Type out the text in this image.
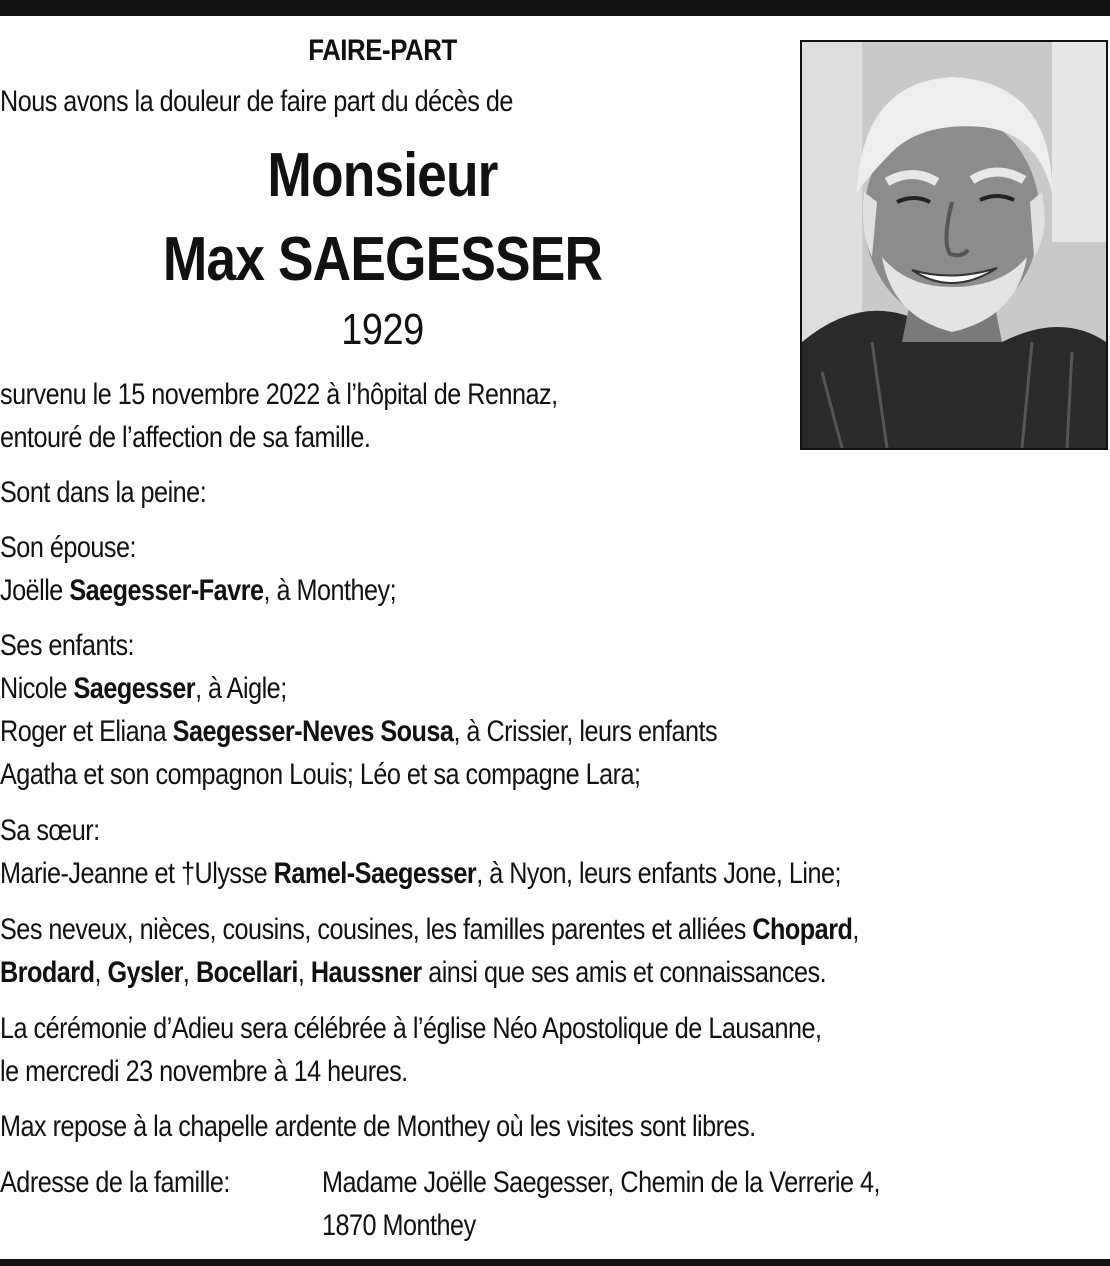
FAIRE-PART
Nous avons la douleur de faire part du décès de
Monsieur
Max SAEGESSER
1929
survenu le 15 novembre 2022 à l’hôpital de Rennaz,
entouré de l’affection de sa famille.
Sont dans la peine:
Son épouse:
Joëlle Saegesser-Favre, à Monthey;
Ses enfants:
Nicole Saegesser, à Aigle;
Roger et Eliana Saegesser-Neves Sousa, à Crissier, leurs enfants
Agatha et son compagnon Louis; Léo et sa compagne Lara;
Sa sœur:
Marie-Jeanne et †Ulysse Ramel-Saegesser, à Nyon, leurs enfants Jone, Line;
Ses neveux, nièces, cousins, cousines, les familles parentes et alliées Chopard,
Brodard, Gysler, Bocellari, Haussner ainsi que ses amis et connaissances.
La cérémonie d’Adieu sera célébrée à l’église Néo Apostolique de Lausanne,
le mercredi 23 novembre à 14 heures.
Max repose à la chapelle ardente de Monthey où les visites sont libres.
Adresse de la famille:	Madame Joëlle Saegesser, Chemin de la Verrerie 4,
1870 Monthey
